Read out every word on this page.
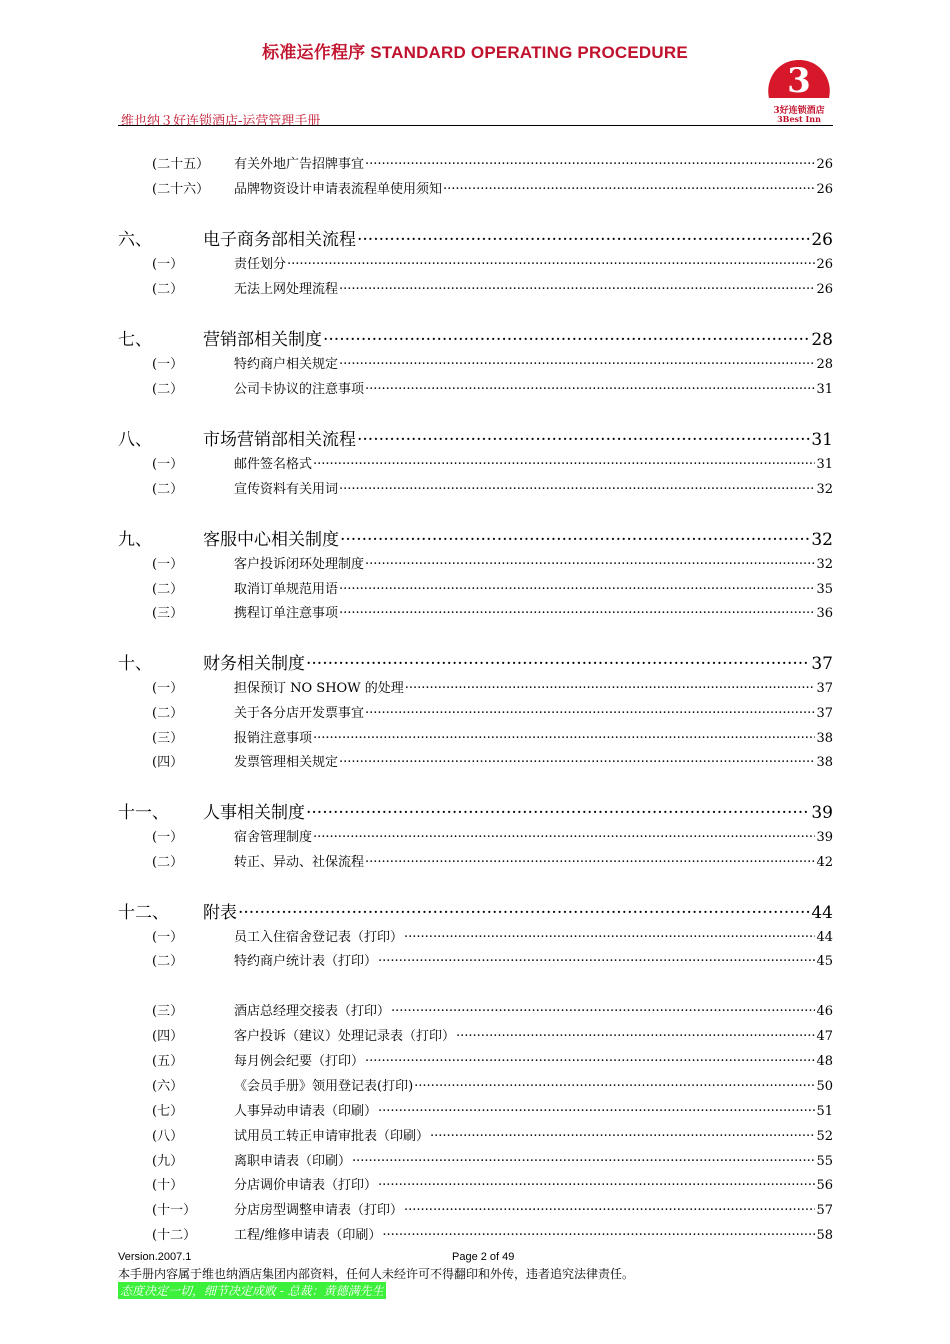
标准运作程序 STANDARD OPERATING PROCEDURE
3
3好连锁酒店
3Best Inn
维也纳３好连锁酒店-运营管理手册
(二十五）	有关外地广告招牌事宜 .....	26
(二十六）	品牌物资设计申请表流程单使用须知 .....	26
六、	电子商务部相关流程 .....	26
(一）	责任划分 .....	26
(二）	无法上网处理流程 .....	26
七、	营销部相关制度 .....	28
(一）	特约商户相关规定 .....	28
(二）	公司卡协议的注意事项 .....	31
八、	市场营销部相关流程 .....	31
(一）	邮件签名格式 .....	31
(二）	宣传资料有关用词 .....	32
九、	客服中心相关制度 .....	32
(一）	客户投诉闭环处理制度 .....	32
(二）	取消订单规范用语 .....	35
(三）	携程订单注意事项 .....	36
十、	财务相关制度 .....	37
(一）	担保预订 NO SHOW 的处理 .....	37
(二）	关于各分店开发票事宜 .....	37
(三）	报销注意事项 .....	38
(四）	发票管理相关规定 .....	38
十一、	人事相关制度 .....	39
(一）	宿舍管理制度 .....	39
(二）	转正、异动、社保流程 .....	42
十二、	附表 .....	44
(一）	员工入住宿舍登记表（打印） .....	44
(二）	特约商户统计表（打印） .....	45
(三）	酒店总经理交接表（打印） .....	46
(四）	客户投诉（建议）处理记录表（打印） .....	47
(五）	每月例会纪要（打印） .....	48
(六）	《会员手册》领用登记表(打印) .....	50
(七）	人事异动申请表（印刷） .....	51
(八）	试用员工转正申请审批表（印刷） .....	52
(九）	离职申请表（印刷） .....	55
(十）	分店调价申请表（打印） .....	56
(十一）	分店房型调整申请表（打印） .....	57
(十二）	工程/维修申请表（印刷） .....	58
Version.2007.1	Page 2 of 49
本手册内容属于维也纳酒店集团内部资料，任何人未经许可不得翻印和外传，违者追究法律责任。
态度决定一切，细节决定成败 - 总裁：黄德满先生
